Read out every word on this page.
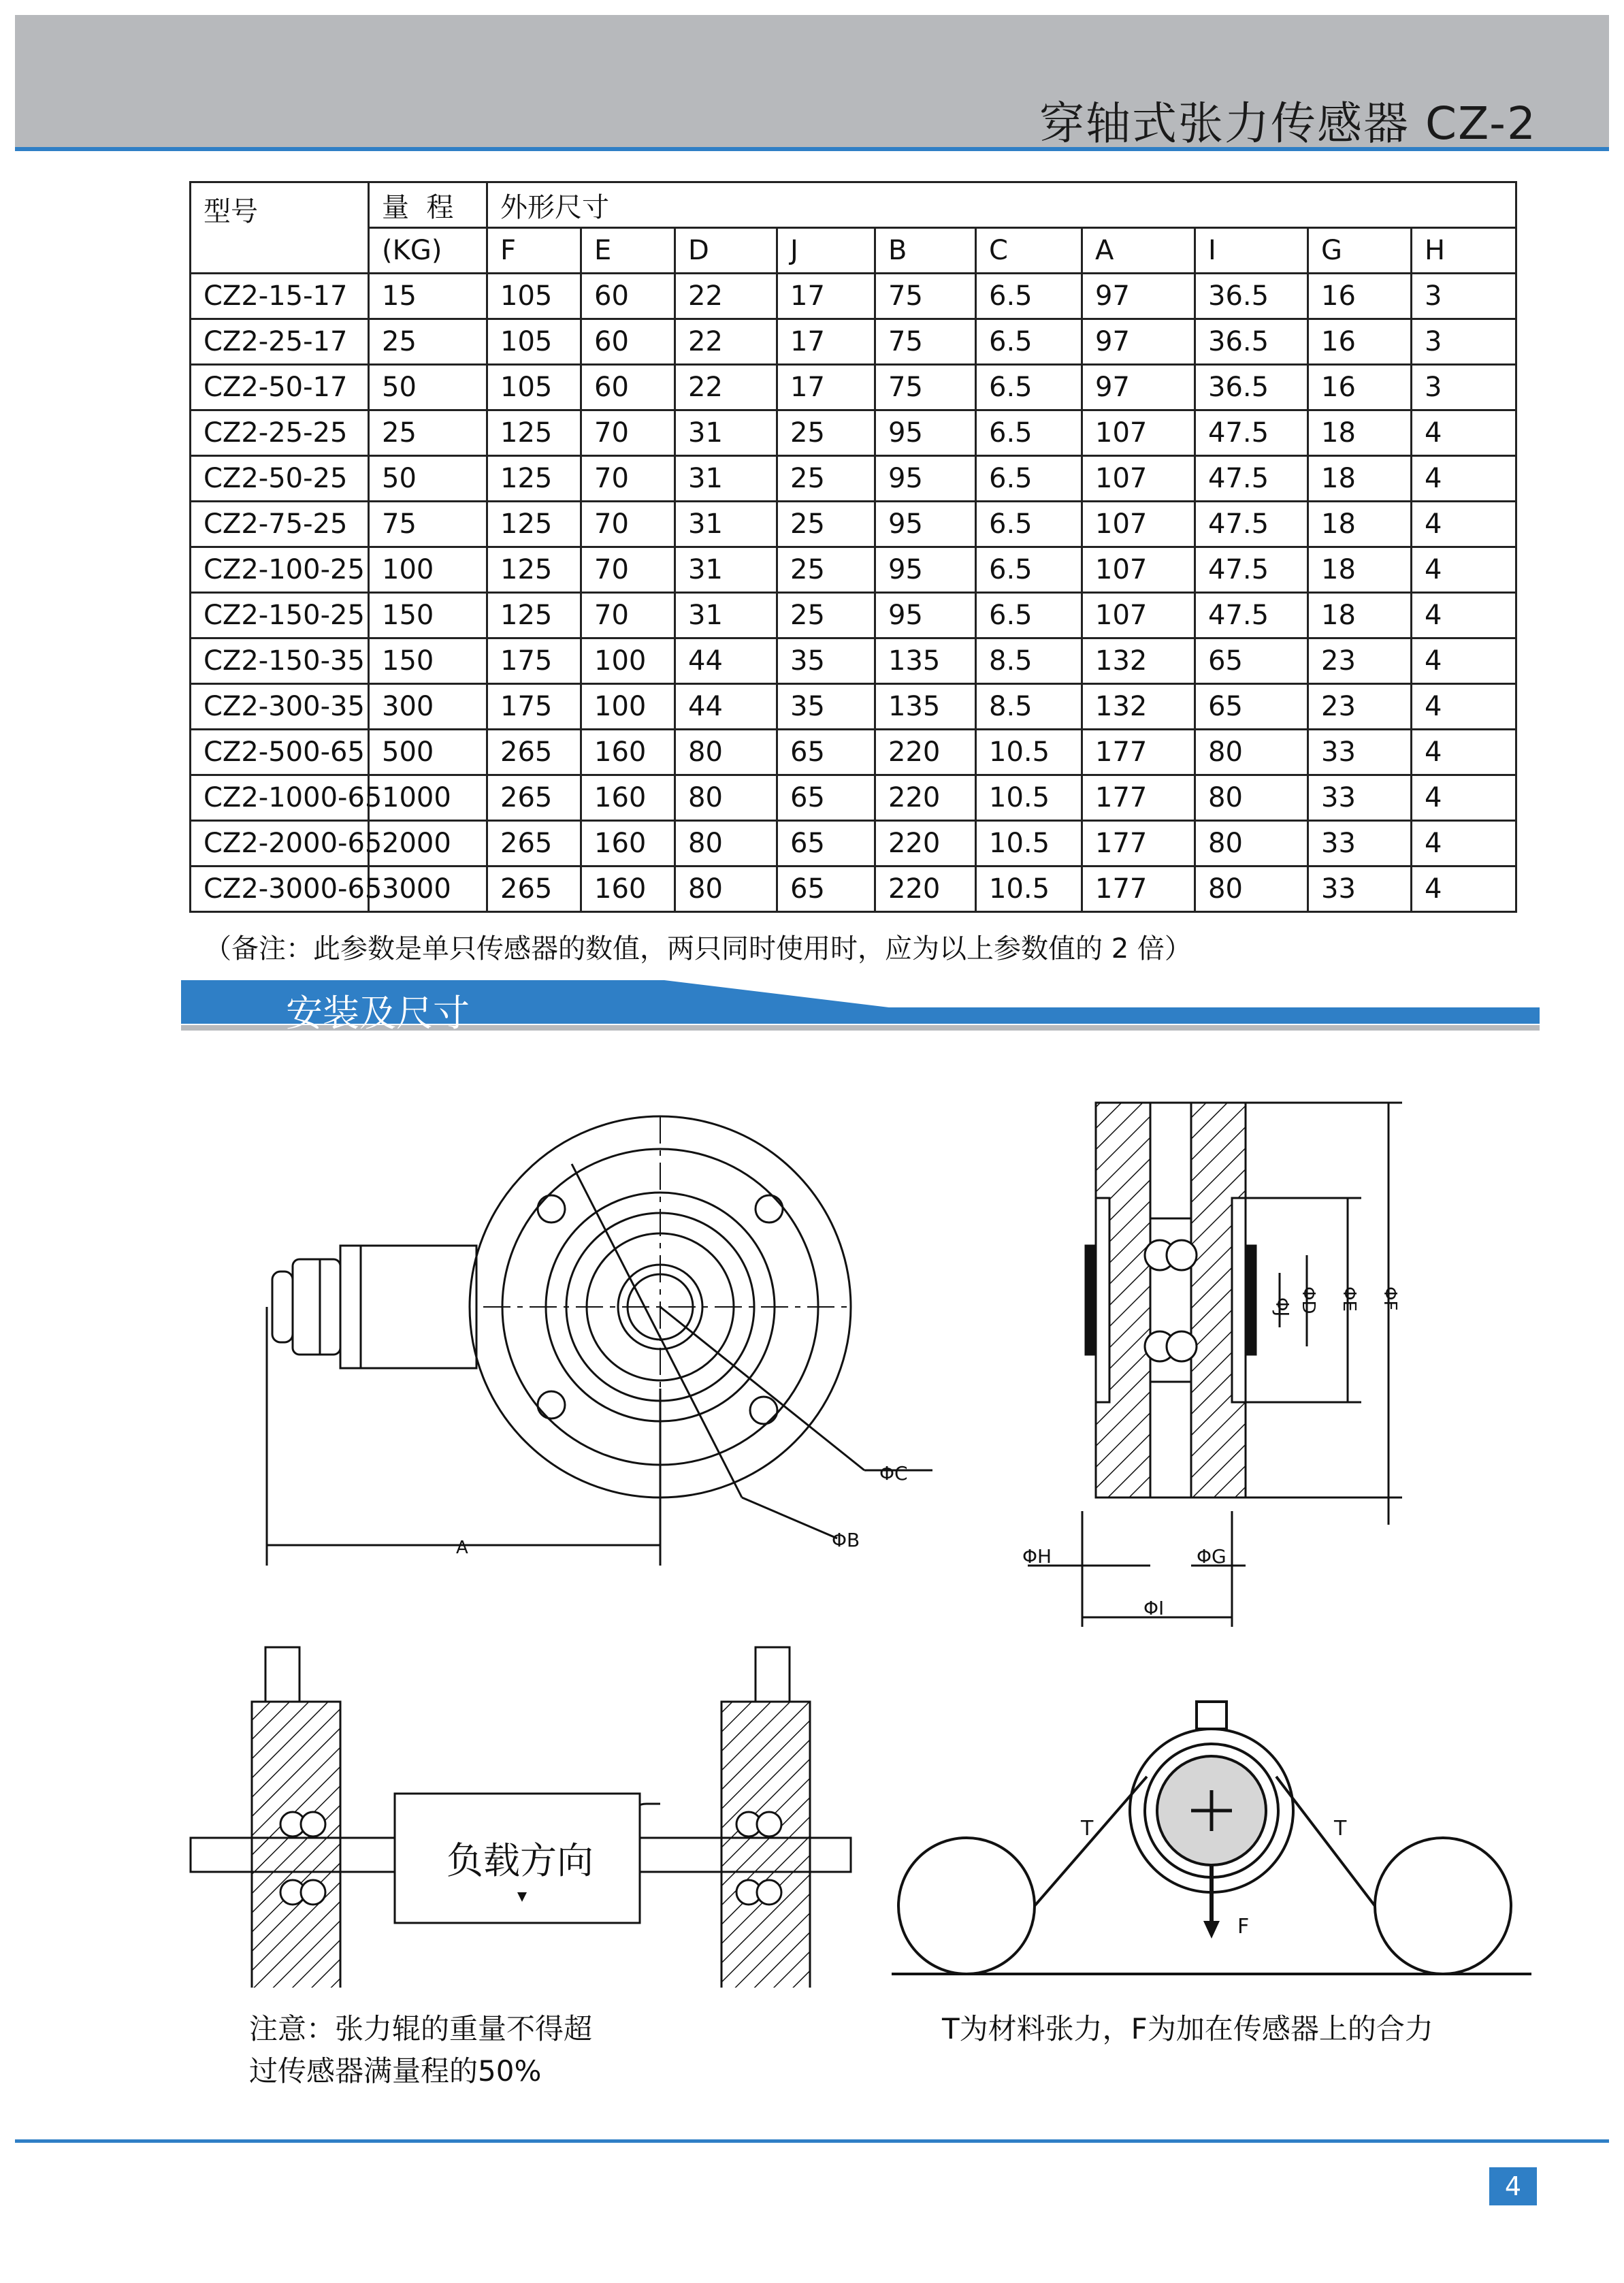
穿轴式张力传感器 CZ-2
型号	量  程	外形尺寸									
	(KG)	F	E	D	J	B	C	A	I	G	H
CZ2-15-17	15	105	60	22	17	75	6.5	97	36.5	16	3
CZ2-25-17	25	105	60	22	17	75	6.5	97	36.5	16	3
CZ2-50-17	50	105	60	22	17	75	6.5	97	36.5	16	3
CZ2-25-25	25	125	70	31	25	95	6.5	107	47.5	18	4
CZ2-50-25	50	125	70	31	25	95	6.5	107	47.5	18	4
CZ2-75-25	75	125	70	31	25	95	6.5	107	47.5	18	4
CZ2-100-25	100	125	70	31	25	95	6.5	107	47.5	18	4
CZ2-150-25	150	125	70	31	25	95	6.5	107	47.5	18	4
CZ2-150-35	150	175	100	44	35	135	8.5	132	65	23	4
CZ2-300-35	300	175	100	44	35	135	8.5	132	65	23	4
CZ2-500-65	500	265	160	80	65	220	10.5	177	80	33	4
CZ2-1000-65	1000	265	160	80	65	220	10.5	177	80	33	4
CZ2-2000-65	2000	265	160	80	65	220	10.5	177	80	33	4
CZ2-3000-65	3000	265	160	80	65	220	10.5	177	80	33	4
（备注：此参数是单只传感器的数值，两只同时使用时，应为以上参数值的 2 倍）
安装及尺寸
A
ΦC
ΦB
ΦJ ΦD ΦE ΦF
ΦH	ΦG
ΦI
负载方向
T	T
F
注意：张力辊的重量不得超
过传感器满量程的50%
T为材料张力，F为加在传感器上的合力
4
